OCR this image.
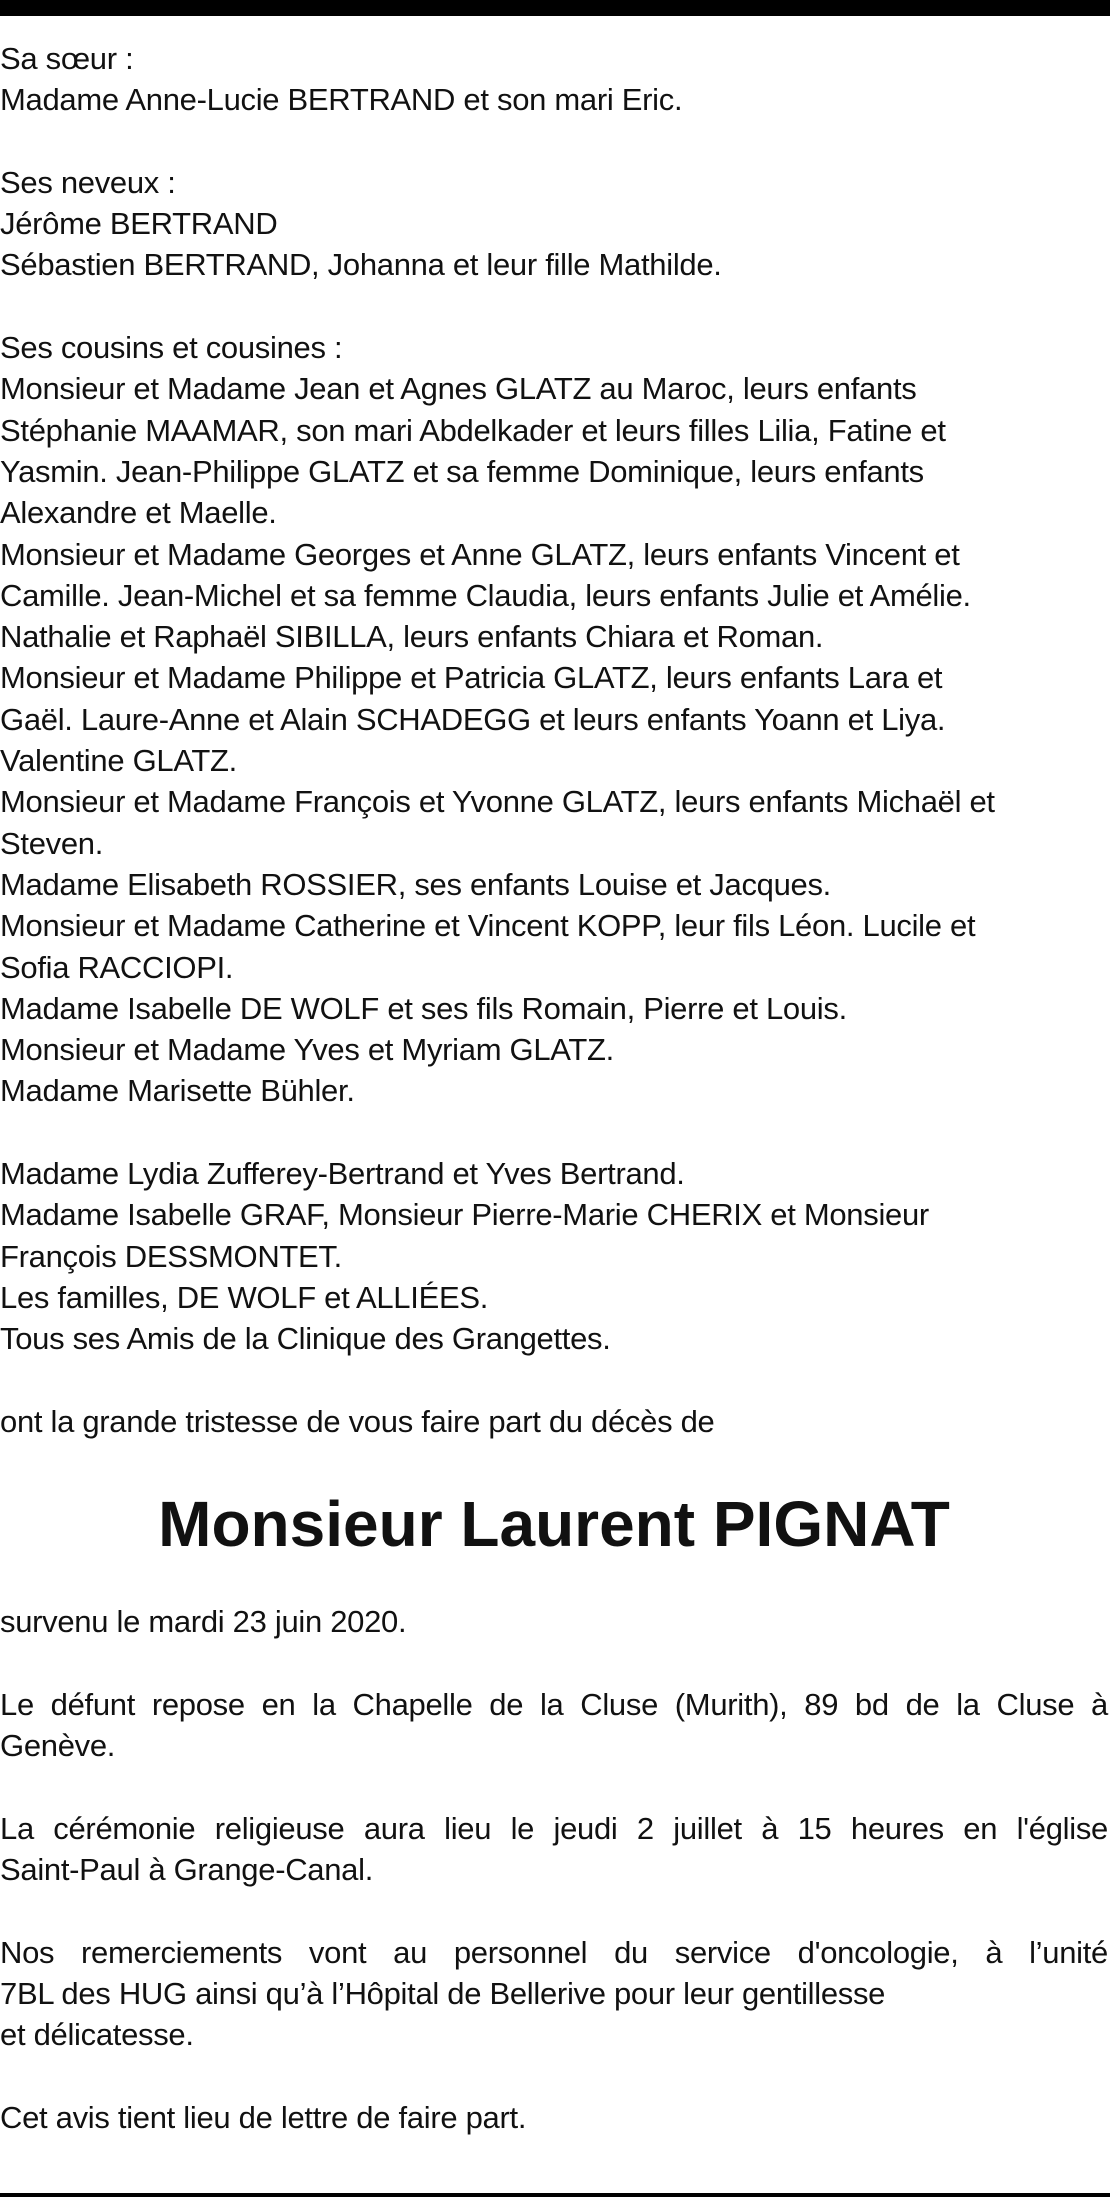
Sa sœur :
Madame Anne-Lucie BERTRAND et son mari Eric.
Ses neveux :
Jérôme BERTRAND
Sébastien BERTRAND, Johanna et leur fille Mathilde.
Ses cousins et cousines :
Monsieur et Madame Jean et Agnes GLATZ au Maroc, leurs enfants
Stéphanie MAAMAR, son mari Abdelkader et leurs filles Lilia, Fatine et
Yasmin. Jean-Philippe GLATZ et sa femme Dominique, leurs enfants
Alexandre et Maelle.
Monsieur et Madame Georges et Anne GLATZ, leurs enfants Vincent et
Camille. Jean-Michel et sa femme Claudia, leurs enfants Julie et Amélie.
Nathalie et Raphaël SIBILLA, leurs enfants Chiara et Roman.
Monsieur et Madame Philippe et Patricia GLATZ, leurs enfants Lara et
Gaël. Laure-Anne et Alain SCHADEGG et leurs enfants Yoann et Liya.
Valentine GLATZ.
Monsieur et Madame François et Yvonne GLATZ, leurs enfants Michaël et
Steven.
Madame Elisabeth ROSSIER, ses enfants Louise et Jacques.
Monsieur et Madame Catherine et Vincent KOPP, leur fils Léon. Lucile et
Sofia RACCIOPI.
Madame Isabelle DE WOLF et ses fils Romain, Pierre et Louis.
Monsieur et Madame Yves et Myriam GLATZ.
Madame Marisette Bühler.
Madame Lydia Zufferey-Bertrand et Yves Bertrand.
Madame Isabelle GRAF, Monsieur Pierre-Marie CHERIX et Monsieur
François DESSMONTET.
Les familles, DE WOLF et ALLIÉES.
Tous ses Amis de la Clinique des Grangettes.
ont la grande tristesse de vous faire part du décès de
Monsieur Laurent PIGNAT
survenu le mardi 23 juin 2020.
Le défunt repose en la Chapelle de la Cluse (Murith), 89 bd de la Cluse à
Genève.
La cérémonie religieuse aura lieu le jeudi 2 juillet à 15 heures en l'église
Saint-Paul à Grange-Canal.
Nos remerciements vont au personnel du service d'oncologie, à l’unité
7BL des HUG ainsi qu’à l’Hôpital de Bellerive pour leur gentillesse
et délicatesse.
Cet avis tient lieu de lettre de faire part.
